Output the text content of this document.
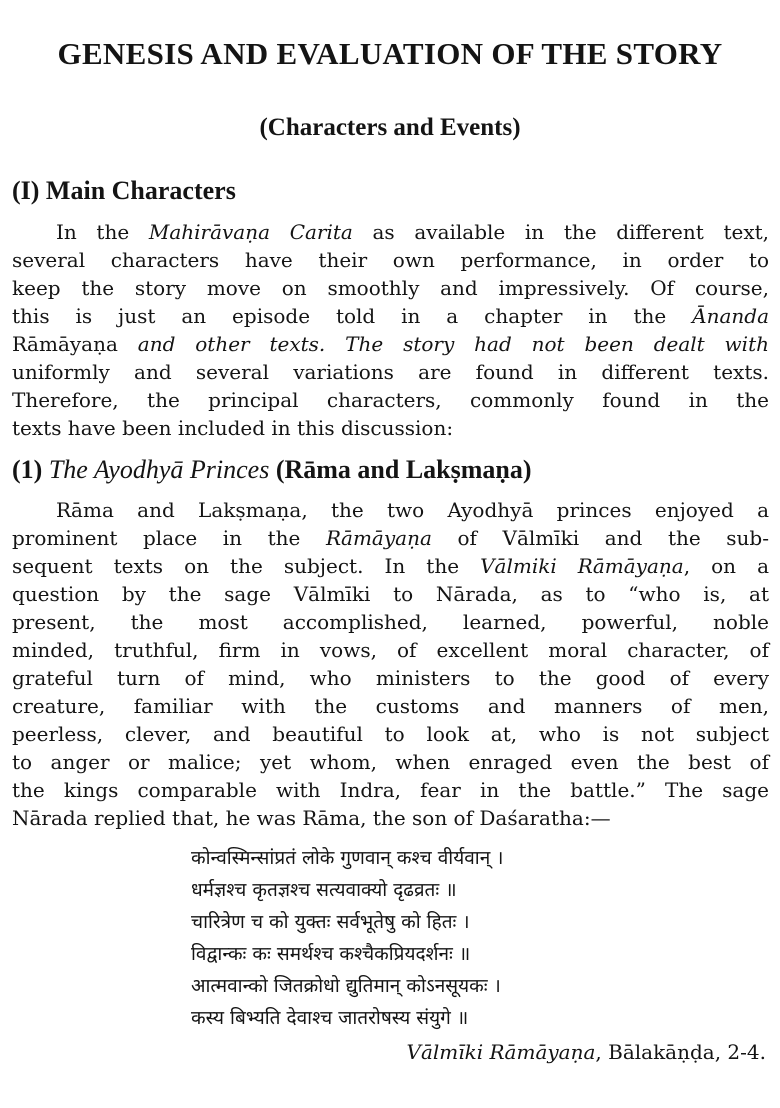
GENESIS AND EVALUATION OF THE STORY
(Characters and Events)
(I) Main Characters
In the Mahirāvaṇa Carita as available in the different text,
several characters have their own performance, in order to
keep the story move on smoothly and impressively. Of course,
this is just an episode told in a chapter in the Ānanda
Rāmāyaṇa and other texts. The story had not been dealt with
uniformly and several variations are found in different texts.
Therefore, the principal characters, commonly found in the
texts have been included in this discussion:
(1) The Ayodhyā Princes (Rāma and Lakṣmaṇa)
Rāma and Lakṣmaṇa, the two Ayodhyā princes enjoyed a
prominent place in the Rāmāyaṇa of Vālmīki and the sub-
sequent texts on the subject. In the Vālmiki Rāmāyaṇa, on a
question by the sage Vālmīki to Nārada, as to “who is, at
present, the most accomplished, learned, powerful, noble
minded, truthful, firm in vows, of excellent moral character, of
grateful turn of mind, who ministers to the good of every
creature, familiar with the customs and manners of men,
peerless, clever, and beautiful to look at, who is not subject
to anger or malice; yet whom, when enraged even the best of
the kings comparable with Indra, fear in the battle.” The sage
Nārada replied that, he was Rāma, the son of Daśaratha:—
कोन्वस्मिन्सांप्रतं लोके गुणवान् कश्च वीर्यवान् ।
धर्मज्ञश्च कृतज्ञश्च सत्यवाक्यो दृढव्रतः ॥
चारित्रेण च को युक्तः सर्वभूतेषु को हितः ।
विद्वान्कः कः समर्थश्च कश्चैकप्रियदर्शनः ॥
आत्मवान्को जितक्रोधो द्युतिमान् कोऽनसूयकः ।
कस्य बिभ्यति देवाश्च जातरोषस्य संयुगे ॥

Vālmīki Rāmāyaṇa, Bālakāṇḍa, 2-4.
